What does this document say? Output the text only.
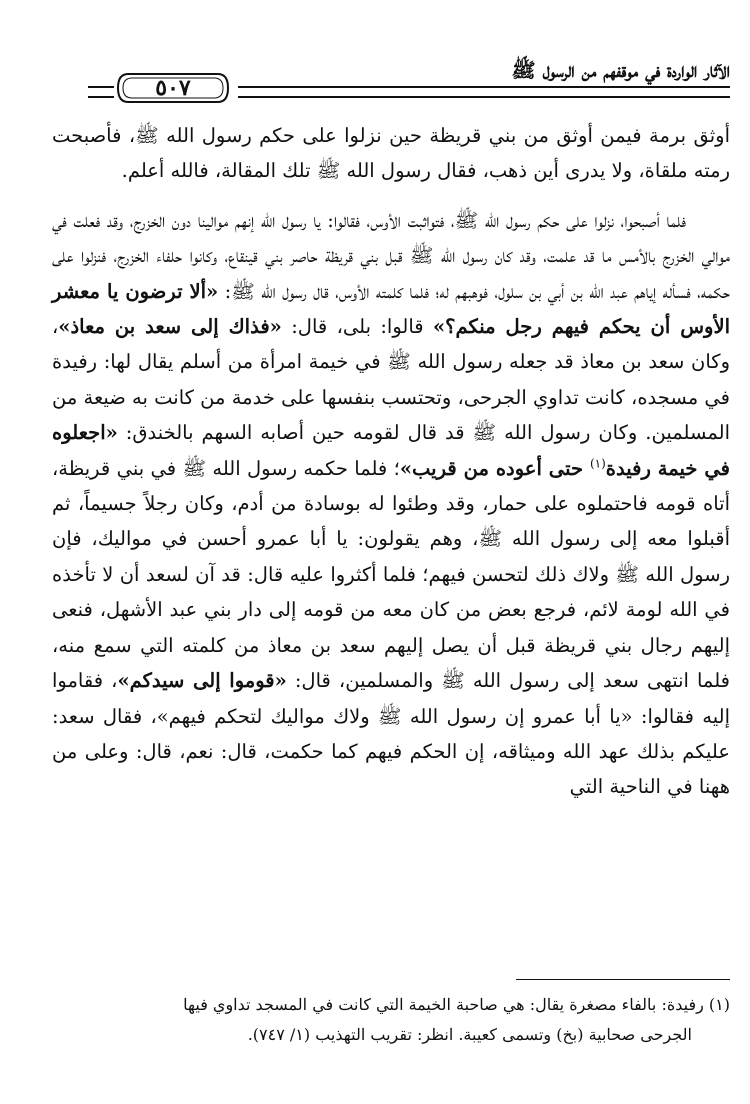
الآثار الواردة في موقفهم من الرسول ﷺ
٥٠٧

أوثق برمة فيمن أوثق من بني قريظة حين نزلوا على حكم رسول الله ﷺ، فأصبحت رمته ملقاة، ولا يدرى أين ذهب، فقال رسول الله ﷺ تلك المقالة، فالله أعلم.

فلما أصبحوا، نزلوا على حكم رسول الله ﷺ، فتواثبت الأوس، فقالوا: يا رسول الله إنهم موالينا دون الخزرج، وقد فعلت في موالي الخزرج بالأمس ما قد علمت، وقد كان رسول الله ﷺ قبل بني قريظة حاصر بني قينقاع، وكانوا حلفاء الخزرج، فنزلوا على حكمه، فسأله إياهم عبد الله بن أبي بن سلول، فوهبهم له؛ فلما كلمته الأوس، قال رسول الله ﷺ: «ألا ترضون يا معشر الأوس أن يحكم فيهم رجل منكم؟» قالوا: بلى، قال: «فذاك إلى سعد بن معاذ»، وكان سعد بن معاذ قد جعله رسول الله ﷺ في خيمة امرأة من أسلم يقال لها: رفيدة في مسجده، كانت تداوي الجرحى، وتحتسب بنفسها على خدمة من كانت به ضيعة من المسلمين. وكان رسول الله ﷺ قد قال لقومه حين أصابه السهم بالخندق: «اجعلوه في خيمة رفيدة$^{(١)}$ حتى أعوده من قريب»؛ فلما حكمه رسول الله ﷺ في بني قريظة، أتاه قومه فاحتملوه على حمار، وقد وطئوا له بوسادة من أدم، وكان رجلاً جسيماً، ثم أقبلوا معه إلى رسول الله ﷺ، وهم يقولون: يا أبا عمرو أحسن في مواليك، فإن رسول الله ﷺ ولاك ذلك لتحسن فيهم؛ فلما أكثروا عليه قال: قد آن لسعد أن لا تأخذه في الله لومة لائم، فرجع بعض من كان معه من قومه إلى دار بني عبد الأشهل، فنعى إليهم رجال بني قريظة قبل أن يصل إليهم سعد بن معاذ من كلمته التي سمع منه، فلما انتهى سعد إلى رسول الله ﷺ والمسلمين، قال: «قوموا إلى سيدكم»، فقاموا إليه فقالوا: «يا أبا عمرو إن رسول الله ﷺ ولاك مواليك لتحكم فيهم»، فقال سعد: عليكم بذلك عهد الله وميثاقه، إن الحكم فيهم كما حكمت، قال: نعم، قال: وعلى من ههنا في الناحية التي

(١) رفيدة: بالفاء مصغرة يقال: هي صاحبة الخيمة التي كانت في المسجد تداوي فيها
الجرحى صحابية (بخ) وتسمى كعيبة. انظر: تقريب التهذيب (١/ ٧٤٧).
